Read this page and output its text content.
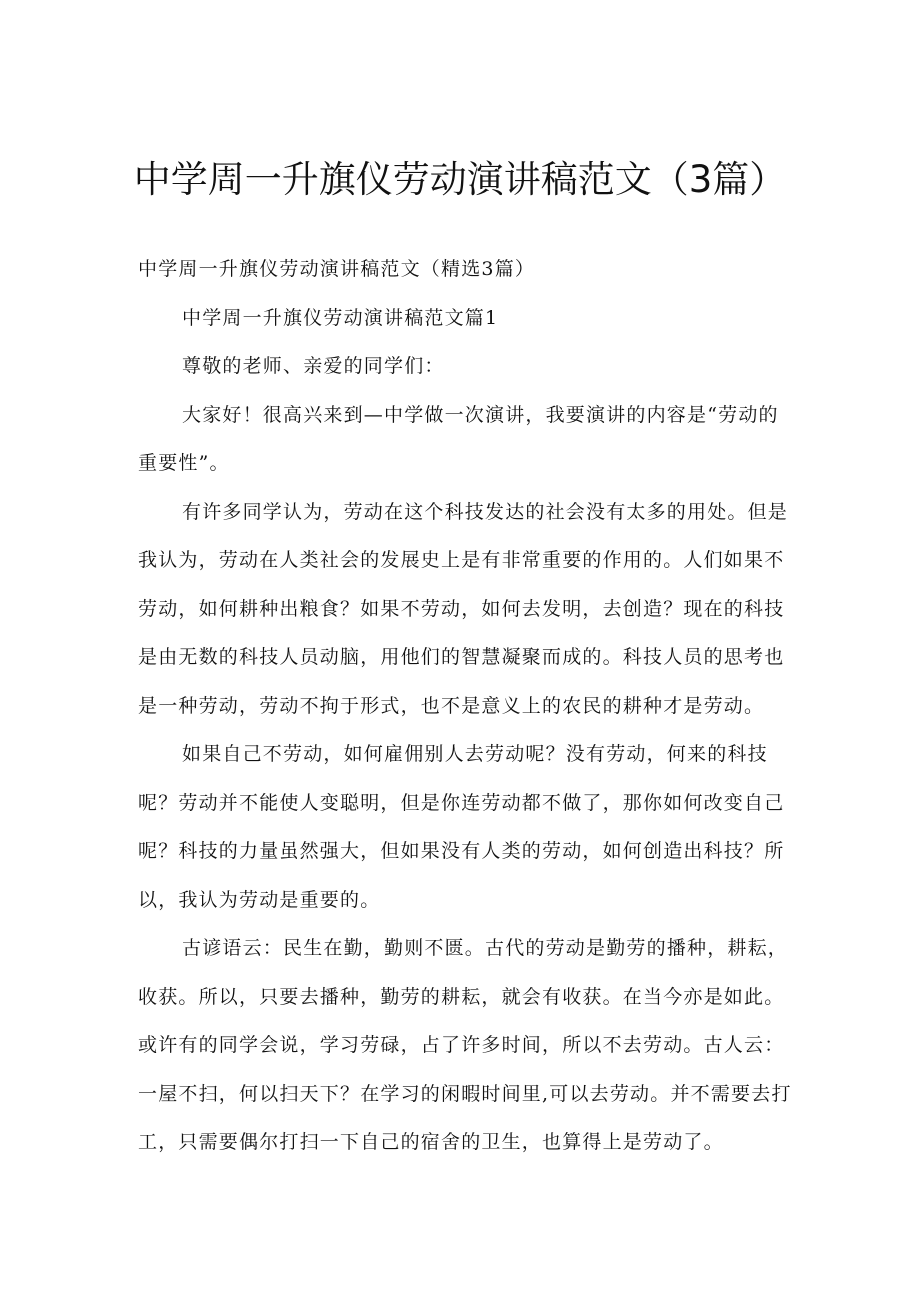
中学周一升旗仪劳动演讲稿范文（3篇）
中学周一升旗仪劳动演讲稿范文（精选3篇）
中学周一升旗仪劳动演讲稿范文篇1
尊敬的老师、亲爱的同学们：
大家好！很高兴来到—中学做一次演讲，我要演讲的内容是“劳动的
重要性”。
有许多同学认为，劳动在这个科技发达的社会没有太多的用处。但是
我认为，劳动在人类社会的发展史上是有非常重要的作用的。人们如果不
劳动，如何耕种出粮食？如果不劳动，如何去发明，去创造？现在的科技
是由无数的科技人员动脑，用他们的智慧凝聚而成的。科技人员的思考也
是一种劳动，劳动不拘于形式，也不是意义上的农民的耕种才是劳动。
如果自己不劳动，如何雇佣别人去劳动呢？没有劳动，何来的科技
呢？劳动并不能使人变聪明，但是你连劳动都不做了，那你如何改变自己
呢？科技的力量虽然强大，但如果没有人类的劳动，如何创造出科技？所
以，我认为劳动是重要的。
古谚语云：民生在勤，勤则不匮。古代的劳动是勤劳的播种，耕耘，
收获。所以，只要去播种，勤劳的耕耘，就会有收获。在当今亦是如此。
或许有的同学会说，学习劳碌，占了许多时间，所以不去劳动。古人云：
一屋不扫，何以扫天下？在学习的闲暇时间里,可以去劳动。并不需要去打
工，只需要偶尔打扫一下自己的宿舍的卫生，也算得上是劳动了。
